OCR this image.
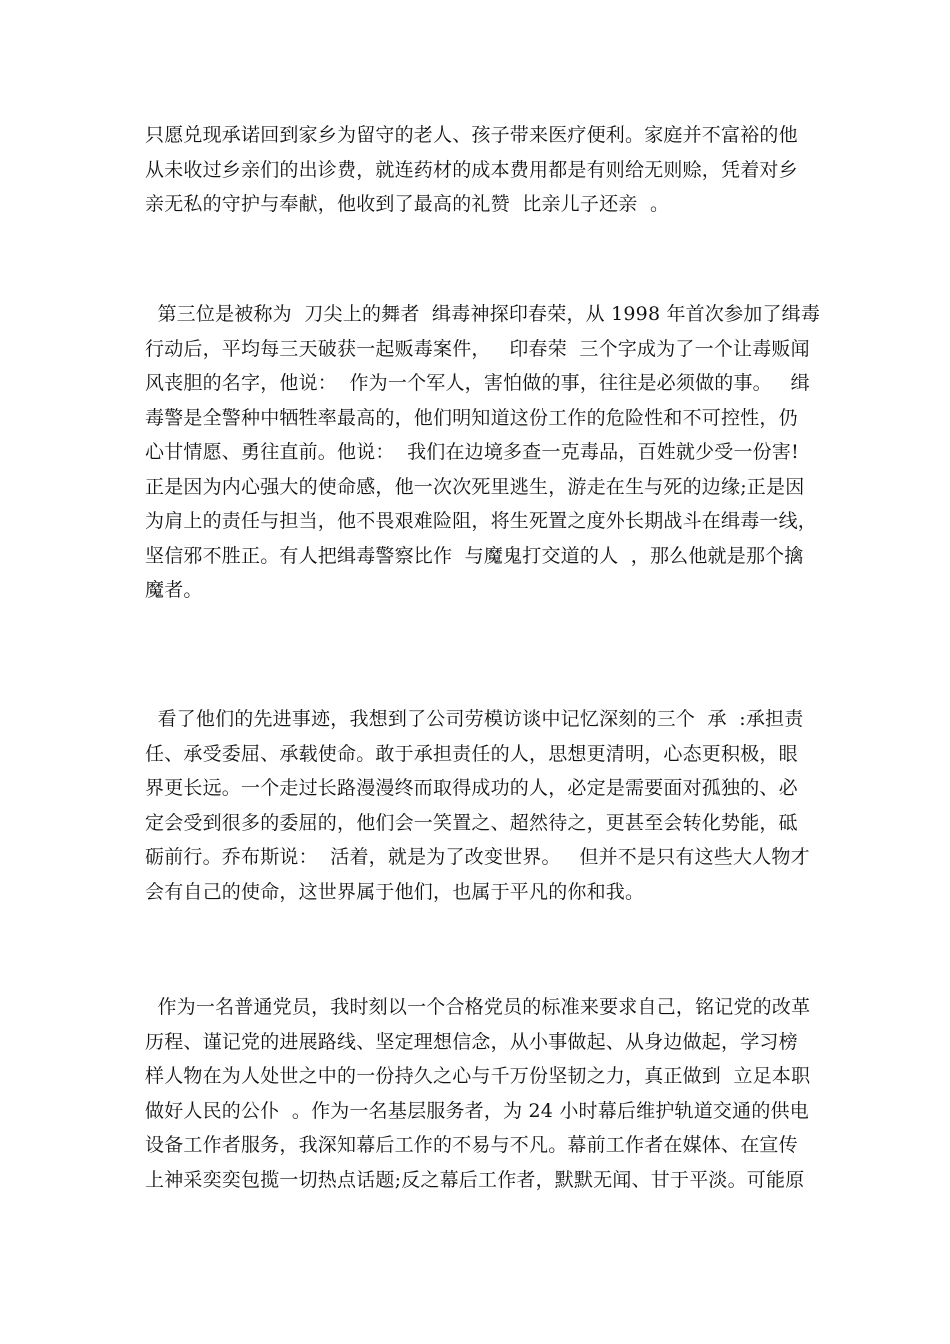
只愿兑现承诺回到家乡为留守的老人、孩子带来医疗便利。家庭并不富裕的他
从未收过乡亲们的出诊费，就连药材的成本费用都是有则给无则赊，凭着对乡
亲无私的守护与奉献，他收到了最高的礼赞  比亲儿子还亲  。

第三位是被称为  刀尖上的舞者  缉毒神探印春荣，从 1998 年首次参加了缉毒
行动后，平均每三天破获一起贩毒案件，   印春荣  三个字成为了一个让毒贩闻
风丧胆的名字，他说：  作为一个军人，害怕做的事，往往是必须做的事。   缉
毒警是全警种中牺牲率最高的，他们明知道这份工作的危险性和不可控性，仍
心甘情愿、勇往直前。他说：  我们在边境多查一克毒品，百姓就少受一份害!
正是因为内心强大的使命感，他一次次死里逃生，游走在生与死的边缘;正是因
为肩上的责任与担当，他不畏艰难险阻，将生死置之度外长期战斗在缉毒一线，
坚信邪不胜正。有人把缉毒警察比作  与魔鬼打交道的人  ，那么他就是那个擒
魔者。

看了他们的先进事迹，我想到了公司劳模访谈中记忆深刻的三个  承  :承担责
任、承受委屈、承载使命。敢于承担责任的人，思想更清明，心态更积极，眼
界更长远。一个走过长路漫漫终而取得成功的人，必定是需要面对孤独的、必
定会受到很多的委屈的，他们会一笑置之、超然待之，更甚至会转化势能，砥
砺前行。乔布斯说：  活着，就是为了改变世界。   但并不是只有这些大人物才
会有自己的使命，这世界属于他们，也属于平凡的你和我。

作为一名普通党员，我时刻以一个合格党员的标准来要求自己，铭记党的改革
历程、谨记党的进展路线、坚定理想信念，从小事做起、从身边做起，学习榜
样人物在为人处世之中的一份持久之心与千万份坚韧之力，真正做到  立足本职
做好人民的公仆  。作为一名基层服务者，为 24 小时幕后维护轨道交通的供电
设备工作者服务，我深知幕后工作的不易与不凡。幕前工作者在媒体、在宣传
上神采奕奕包揽一切热点话题;反之幕后工作者，默默无闻、甘于平淡。可能原
